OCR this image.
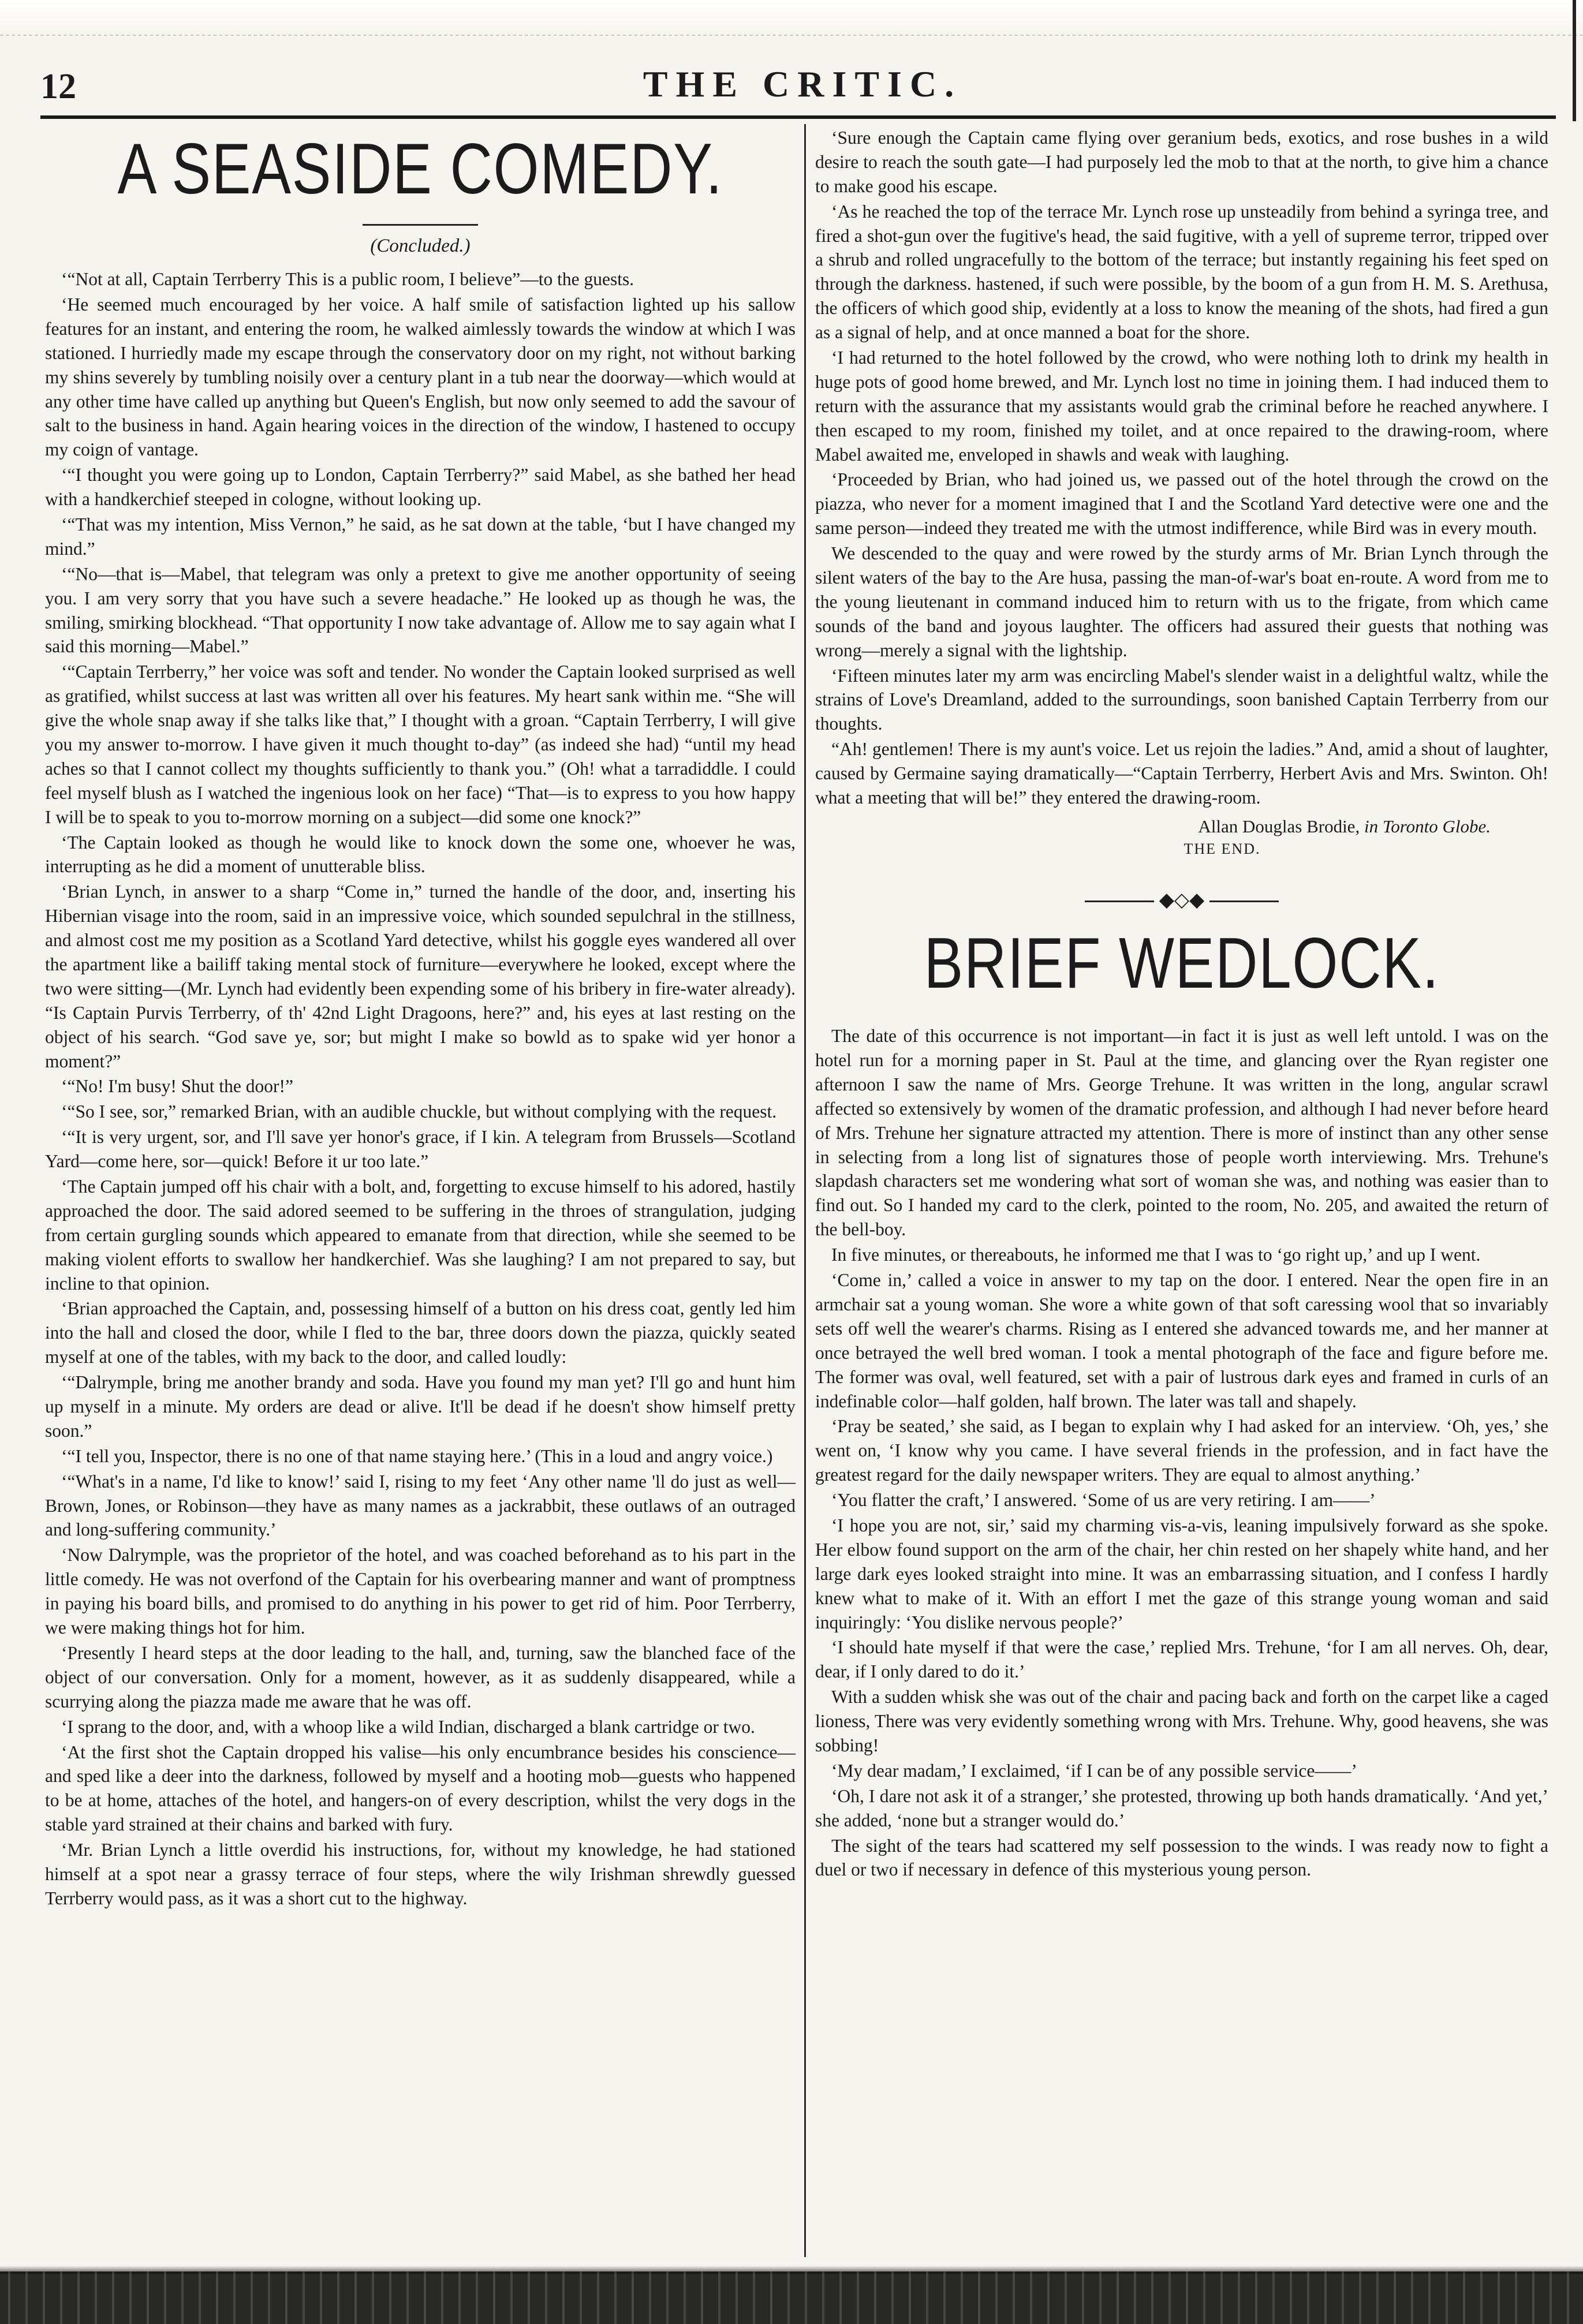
12	THE CRITIC.
A SEASIDE COMEDY.
(Concluded.)

‘“Not at all, Captain Terrberry This is a public room, I believe”—to the guests.

‘He seemed much encouraged by her voice. A half smile of satisfaction lighted up his sallow features for an instant, and entering the room, he walked aimlessly towards the window at which I was stationed. I hurriedly made my escape through the conservatory door on my right, not without barking my shins severely by tumbling noisily over a century plant in a tub near the doorway—which would at any other time have called up anything but Queen's English, but now only seemed to add the savour of salt to the business in hand. Again hearing voices in the direction of the window, I hastened to occupy my coign of vantage.

‘“I thought you were going up to London, Captain Terrberry?” said Mabel, as she bathed her head with a handkerchief steeped in cologne, without looking up.

‘“That was my intention, Miss Vernon,” he said, as he sat down at the table, ‘but I have changed my mind.”

‘“No—that is—Mabel, that telegram was only a pretext to give me another opportunity of seeing you. I am very sorry that you have such a severe headache.” He looked up as though he was, the smiling, smirking blockhead. “That opportunity I now take advantage of. Allow me to say again what I said this morning—Mabel.”

‘“Captain Terrberry,” her voice was soft and tender. No wonder the Captain looked surprised as well as gratified, whilst success at last was written all over his features. My heart sank within me. “She will give the whole snap away if she talks like that,” I thought with a groan. “Captain Terrberry, I will give you my answer to-morrow. I have given it much thought to-day” (as indeed she had) “until my head aches so that I cannot collect my thoughts sufficiently to thank you.” (Oh! what a tarradiddle. I could feel myself blush as I watched the ingenious look on her face) “That—is to express to you how happy I will be to speak to you to-morrow morning on a subject—did some one knock?”

‘The Captain looked as though he would like to knock down the some one, whoever he was, interrupting as he did a moment of unutterable bliss.

‘Brian Lynch, in answer to a sharp “Come in,” turned the handle of the door, and, inserting his Hibernian visage into the room, said in an impressive voice, which sounded sepulchral in the stillness, and almost cost me my position as a Scotland Yard detective, whilst his goggle eyes wandered all over the apartment like a bailiff taking mental stock of furniture—everywhere he looked, except where the two were sitting—(Mr. Lynch had evidently been expending some of his bribery in fire-water already). “Is Captain Purvis Terrberry, of th' 42nd Light Dragoons, here?” and, his eyes at last resting on the object of his search. “God save ye, sor; but might I make so bowld as to spake wid yer honor a moment?”

‘“No! I'm busy! Shut the door!”

‘“So I see, sor,” remarked Brian, with an audible chuckle, but without complying with the request.

‘“It is very urgent, sor, and I'll save yer honor's grace, if I kin. A telegram from Brussels—Scotland Yard—come here, sor—quick! Before it ur too late.”

‘The Captain jumped off his chair with a bolt, and, forgetting to excuse himself to his adored, hastily approached the door. The said adored seemed to be suffering in the throes of strangulation, judging from certain gurgling sounds which appeared to emanate from that direction, while she seemed to be making violent efforts to swallow her handkerchief. Was she laughing? I am not prepared to say, but incline to that opinion.

‘Brian approached the Captain, and, possessing himself of a button on his dress coat, gently led him into the hall and closed the door, while I fled to the bar, three doors down the piazza, quickly seated myself at one of the tables, with my back to the door, and called loudly:

‘“Dalrymple, bring me another brandy and soda. Have you found my man yet? I'll go and hunt him up myself in a minute. My orders are dead or alive. It'll be dead if he doesn't show himself pretty soon.”

‘“I tell you, Inspector, there is no one of that name staying here.’ (This in a loud and angry voice.)

‘“What's in a name, I'd like to know!’ said I, rising to my feet ‘Any other name 'll do just as well—Brown, Jones, or Robinson—they have as many names as a jackrabbit, these outlaws of an outraged and long-suffering community.’

‘Now Dalrymple, was the proprietor of the hotel, and was coached beforehand as to his part in the little comedy. He was not overfond of the Captain for his overbearing manner and want of promptness in paying his board bills, and promised to do anything in his power to get rid of him. Poor Terrberry, we were making things hot for him.

‘Presently I heard steps at the door leading to the hall, and, turning, saw the blanched face of the object of our conversation. Only for a moment, however, as it as suddenly disappeared, while a scurrying along the piazza made me aware that he was off.

‘I sprang to the door, and, with a whoop like a wild Indian, discharged a blank cartridge or two.

‘At the first shot the Captain dropped his valise—his only encumbrance besides his conscience—and sped like a deer into the darkness, followed by myself and a hooting mob—guests who happened to be at home, attaches of the hotel, and hangers-on of every description, whilst the very dogs in the stable yard strained at their chains and barked with fury.

‘Mr. Brian Lynch a little overdid his instructions, for, without my knowledge, he had stationed himself at a spot near a grassy terrace of four steps, where the wily Irishman shrewdly guessed Terrberry would pass, as it was a short cut to the highway.

‘Sure enough the Captain came flying over geranium beds, exotics, and rose bushes in a wild desire to reach the south gate—I had purposely led the mob to that at the north, to give him a chance to make good his escape.

‘As he reached the top of the terrace Mr. Lynch rose up unsteadily from behind a syringa tree, and fired a shot-gun over the fugitive's head, the said fugitive, with a yell of supreme terror, tripped over a shrub and rolled ungracefully to the bottom of the terrace; but instantly regaining his feet sped on through the darkness. hastened, if such were possible, by the boom of a gun from H. M. S. Arethusa, the officers of which good ship, evidently at a loss to know the meaning of the shots, had fired a gun as a signal of help, and at once manned a boat for the shore.

‘I had returned to the hotel followed by the crowd, who were nothing loth to drink my health in huge pots of good home brewed, and Mr. Lynch lost no time in joining them. I had induced them to return with the assurance that my assistants would grab the criminal before he reached anywhere. I then escaped to my room, finished my toilet, and at once repaired to the drawing-room, where Mabel awaited me, enveloped in shawls and weak with laughing.

‘Proceeded by Brian, who had joined us, we passed out of the hotel through the crowd on the piazza, who never for a moment imagined that I and the Scotland Yard detective were one and the same person—indeed they treated me with the utmost indifference, while Bird was in every mouth.

We descended to the quay and were rowed by the sturdy arms of Mr. Brian Lynch through the silent waters of the bay to the Are husa, passing the man-of-war's boat en-route. A word from me to the young lieutenant in command induced him to return with us to the frigate, from which came sounds of the band and joyous laughter. The officers had assured their guests that nothing was wrong—merely a signal with the lightship.

‘Fifteen minutes later my arm was encircling Mabel's slender waist in a delightful waltz, while the strains of Love's Dreamland, added to the surroundings, soon banished Captain Terrberry from our thoughts.

“Ah! gentlemen! There is my aunt's voice. Let us rejoin the ladies.” And, amid a shout of laughter, caused by Germaine saying dramatically—“Captain Terrberry, Herbert Avis and Mrs. Swinton. Oh! what a meeting that will be!” they entered the drawing-room.

Allan Douglas Brodie, in Toronto Globe.
THE END.
◆◇◆
BRIEF WEDLOCK.

The date of this occurrence is not important—in fact it is just as well left untold. I was on the hotel run for a morning paper in St. Paul at the time, and glancing over the Ryan register one afternoon I saw the name of Mrs. George Trehune. It was written in the long, angular scrawl affected so extensively by women of the dramatic profession, and although I had never before heard of Mrs. Trehune her signature attracted my attention. There is more of instinct than any other sense in selecting from a long list of signatures those of people worth interviewing. Mrs. Trehune's slapdash characters set me wondering what sort of woman she was, and nothing was easier than to find out. So I handed my card to the clerk, pointed to the room, No. 205, and awaited the return of the bell-boy.

In five minutes, or thereabouts, he informed me that I was to ‘go right up,’ and up I went.

‘Come in,’ called a voice in answer to my tap on the door. I entered. Near the open fire in an armchair sat a young woman. She wore a white gown of that soft caressing wool that so invariably sets off well the wearer's charms. Rising as I entered she advanced towards me, and her manner at once betrayed the well bred woman. I took a mental photograph of the face and figure before me. The former was oval, well featured, set with a pair of lustrous dark eyes and framed in curls of an indefinable color—half golden, half brown. The later was tall and shapely.

‘Pray be seated,’ she said, as I began to explain why I had asked for an interview. ‘Oh, yes,’ she went on, ‘I know why you came. I have several friends in the profession, and in fact have the greatest regard for the daily newspaper writers. They are equal to almost anything.’

‘You flatter the craft,’ I answered. ‘Some of us are very retiring. I am——’

‘I hope you are not, sir,’ said my charming vis-a-vis, leaning impulsively forward as she spoke. Her elbow found support on the arm of the chair, her chin rested on her shapely white hand, and her large dark eyes looked straight into mine. It was an embarrassing situation, and I confess I hardly knew what to make of it. With an effort I met the gaze of this strange young woman and said inquiringly: ‘You dislike nervous people?’

‘I should hate myself if that were the case,’ replied Mrs. Trehune, ‘for I am all nerves. Oh, dear, dear, if I only dared to do it.’

With a sudden whisk she was out of the chair and pacing back and forth on the carpet like a caged lioness, There was very evidently something wrong with Mrs. Trehune. Why, good heavens, she was sobbing!

‘My dear madam,’ I exclaimed, ‘if I can be of any possible service——’

‘Oh, I dare not ask it of a stranger,’ she protested, throwing up both hands dramatically. ‘And yet,’ she added, ‘none but a stranger would do.’

The sight of the tears had scattered my self possession to the winds. I was ready now to fight a duel or two if necessary in defence of this mysterious young person.
